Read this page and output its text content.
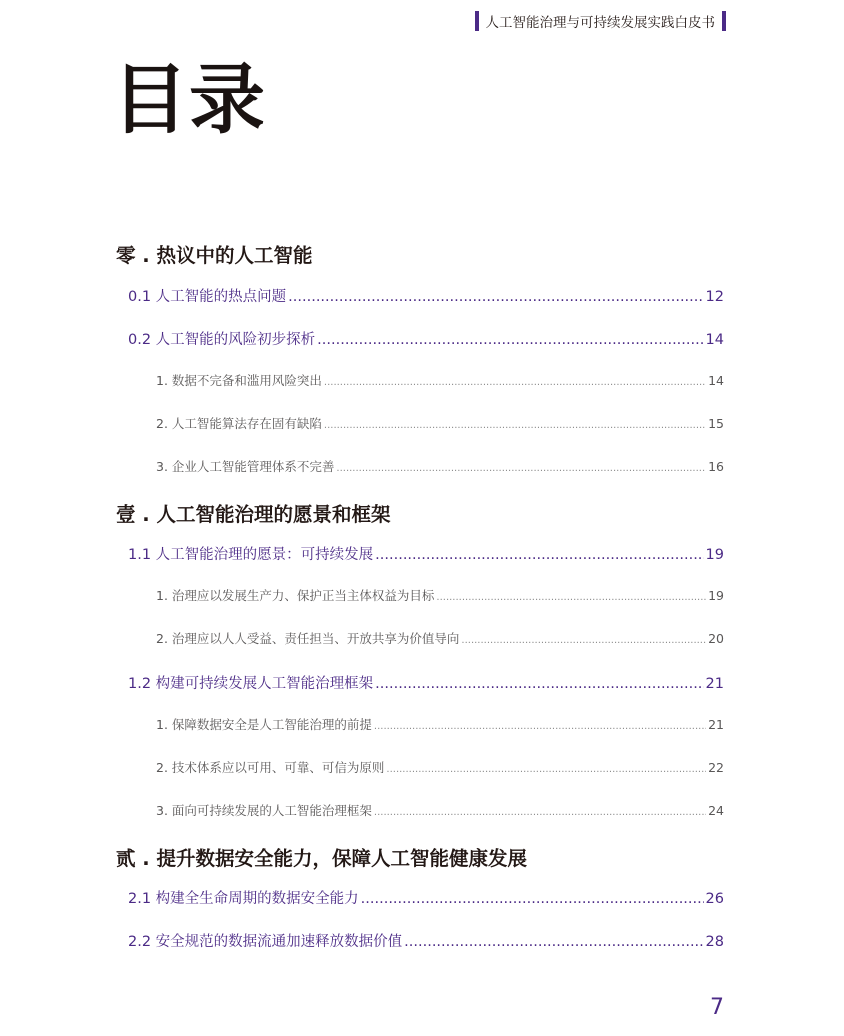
人工智能治理与可持续发展实践白皮书
目录
零 . 热议中的人工智能
0.1 人工智能的热点问题 .....	12
0.2 人工智能的风险初步探析 .....	14
1. 数据不完备和滥用风险突出 .....	14
2. 人工智能算法存在固有缺陷 .....	15
3. 企业人工智能管理体系不完善 .....	16
壹 . 人工智能治理的愿景和框架
1.1 人工智能治理的愿景：可持续发展 .....	19
1. 治理应以发展生产力、保护正当主体权益为目标 .....	19
2. 治理应以人人受益、责任担当、开放共享为价值导向 .....	20
1.2 构建可持续发展人工智能治理框架 .....	21
1. 保障数据安全是人工智能治理的前提 .....	21
2. 技术体系应以可用、可靠、可信为原则 .....	22
3. 面向可持续发展的人工智能治理框架 .....	24
贰 . 提升数据安全能力，保障人工智能健康发展
2.1 构建全生命周期的数据安全能力 .....	26
2.2 安全规范的数据流通加速释放数据价值 .....	28
7
